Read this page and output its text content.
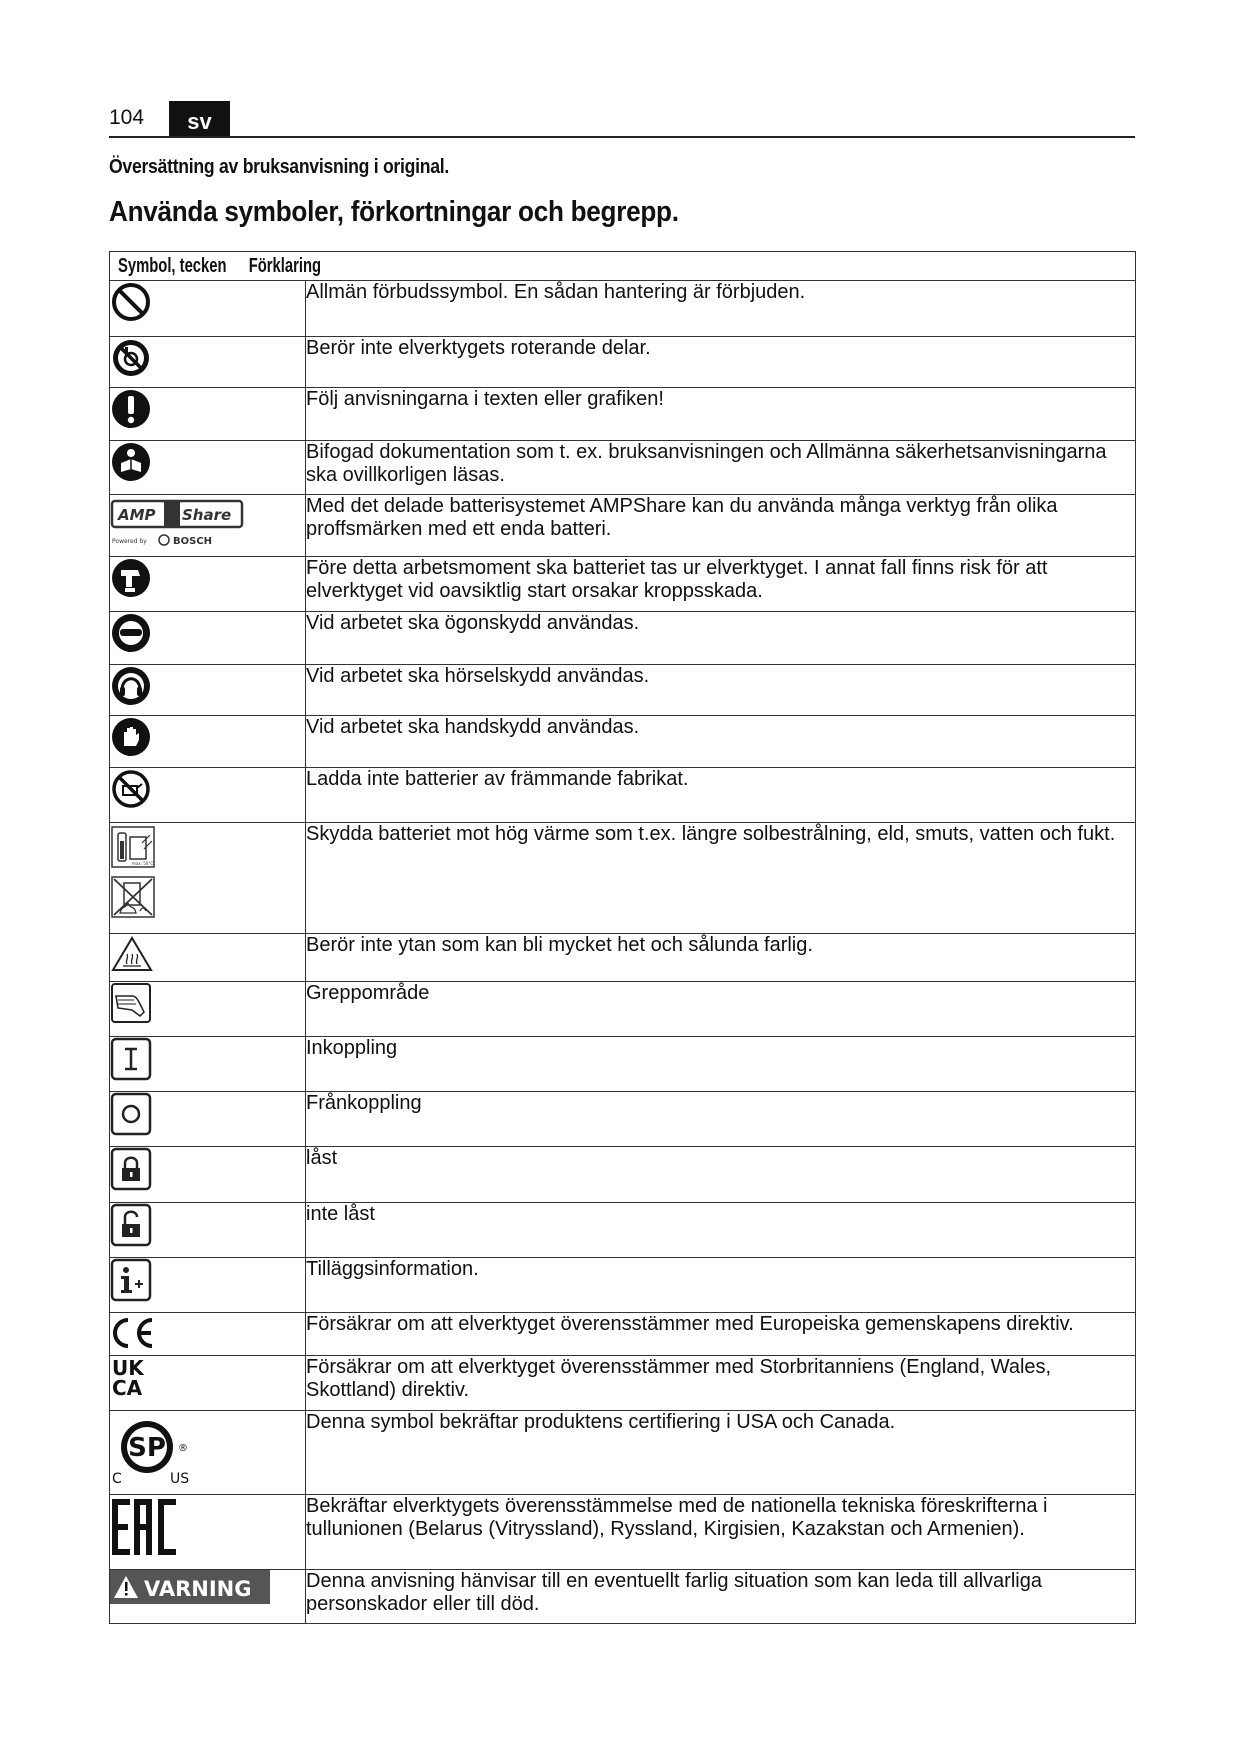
104	sv
Översättning av bruksanvisning i original.
Använda symboler, förkortningar och begrepp.
Symbol, tecken Förklaring	

	Allmän förbudssymbol. En sådan hantering är förbjuden.

	Berör inte elverktygets roterande delar.

	Följ anvisningarna i texten eller grafiken!

	Bifogad dokumentation som t. ex. bruksanvisningen och Allmänna säkerhetsanvisningarna ska ovillkorligen läsas.

AMP Share
Powered by BOSCH	Med det delade batterisystemet AMPShare kan du använda många verktyg från olika proffsmärken med ett enda batteri.

	Före detta arbetsmoment ska batteriet tas ur elverktyget. I annat fall finns risk för att elverktyget vid oavsiktlig start orsakar kroppsskada.

	Vid arbetet ska ögonskydd användas.

	Vid arbetet ska hörselskydd användas.

	Vid arbetet ska handskydd användas.

	Ladda inte batterier av främmande fabrikat.

max. 50°C	Skydda batteriet mot hög värme som t.ex. längre solbestrålning, eld, smuts, vatten och fukt.

	Berör inte ytan som kan bli mycket het och sålunda farlig.

	Greppområde

	Inkoppling

	Frånkoppling

	låst

	inte låst

	Tilläggsinformation.

	Försäkrar om att elverktyget överensstämmer med Europeiska gemenskapens direktiv.

UK
CA	Försäkrar om att elverktyget överensstämmer med Storbritanniens (England, Wales, Skottland) direktiv.

SP ®
C US	Denna symbol bekräftar produktens certifiering i USA och Canada.

	Bekräftar elverktygets överensstämmelse med de nationella tekniska föreskrifterna i tullunionen (Belarus (Vitryssland), Ryssland, Kirgisien, Kazakstan och Armenien).

VARNING	Denna anvisning hänvisar till en eventuellt farlig situation som kan leda till allvarliga personskador eller till död.
